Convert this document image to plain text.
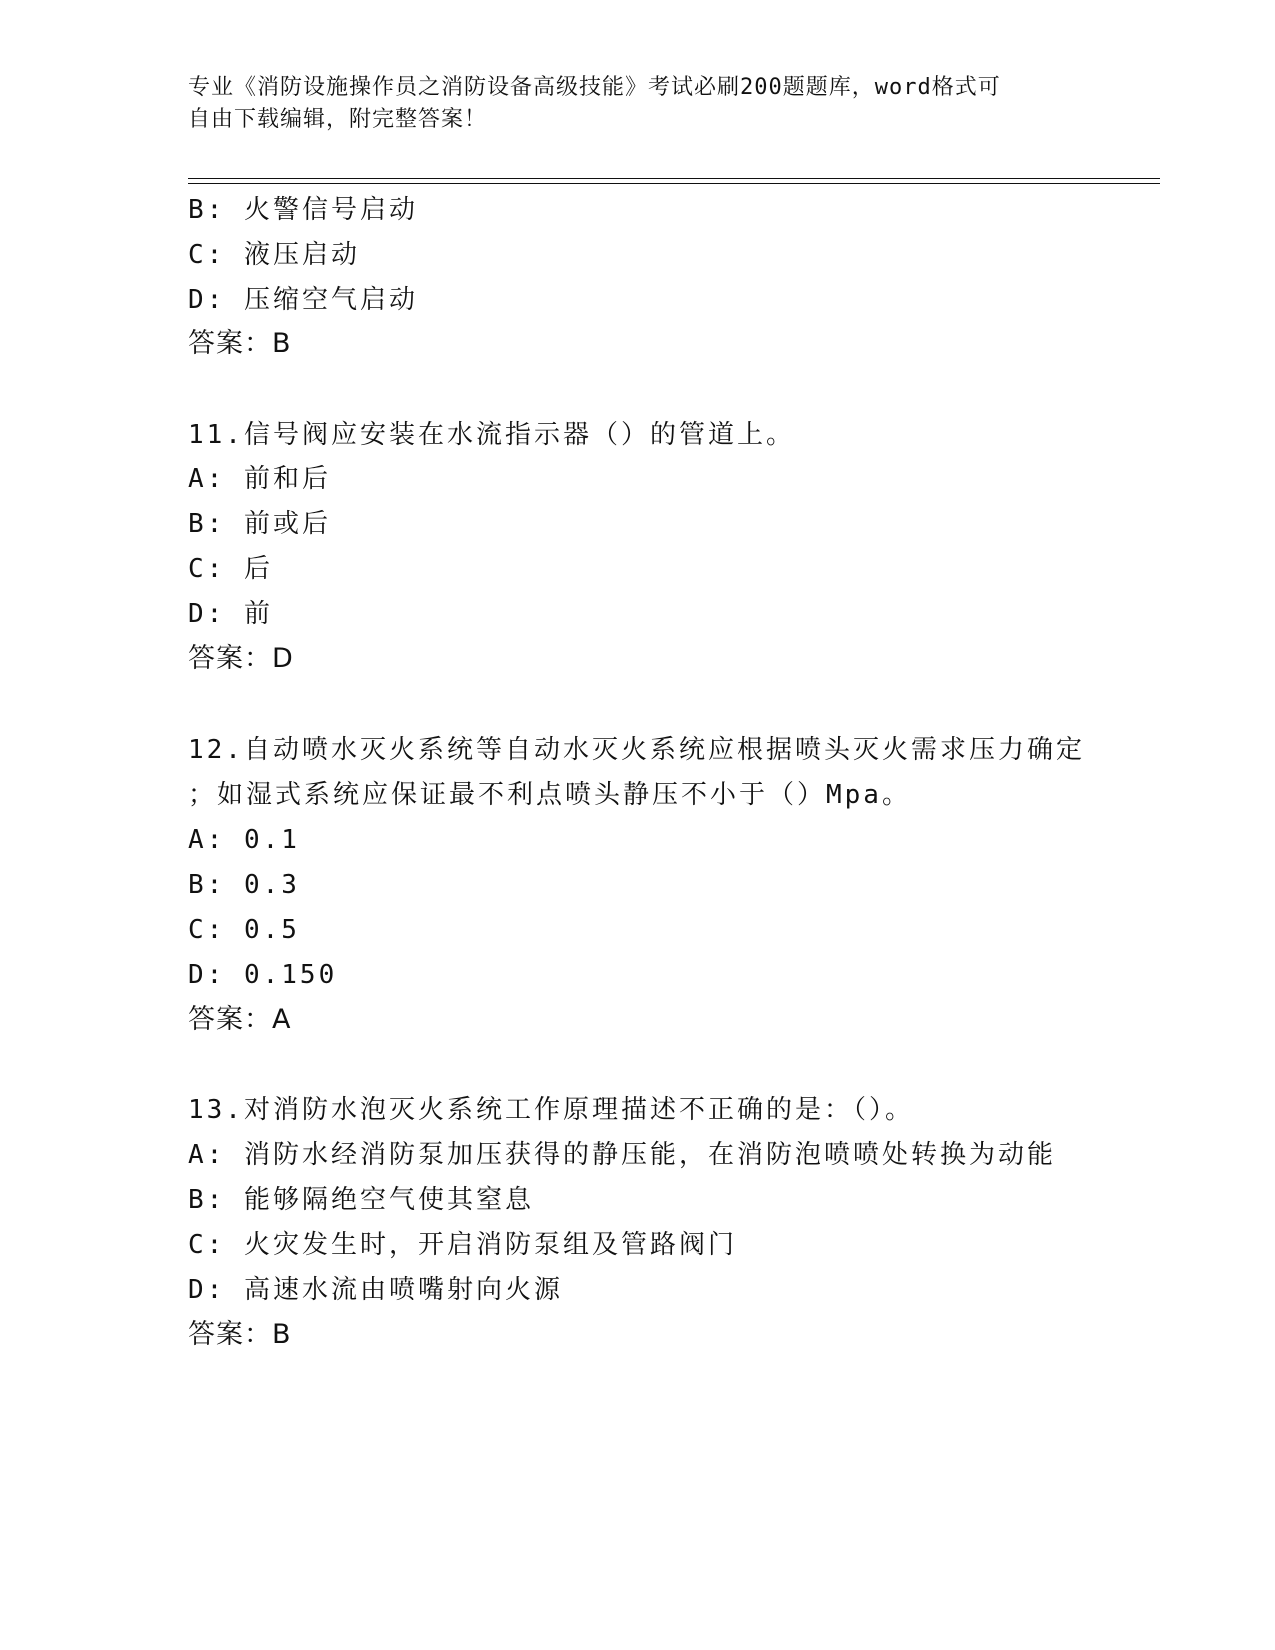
专业《消防设施操作员之消防设备高级技能》考试必刷200题题库，word格式可
自由下载编辑，附完整答案！
B: 火警信号启动
C: 液压启动
D: 压缩空气启动
答案：B
11.信号阀应安装在水流指示器（）的管道上。
A: 前和后
B: 前或后
C: 后
D: 前
答案：D
12.自动喷水灭火系统等自动水灭火系统应根据喷头灭火需求压力确定
；如湿式系统应保证最不利点喷头静压不小于（）Mpa。
A: 0.1
B: 0.3
C: 0.5
D: 0.150
答案：A
13.对消防水泡灭火系统工作原理描述不正确的是：（）。
A: 消防水经消防泵加压获得的静压能，在消防泡喷喷处转换为动能
B: 能够隔绝空气使其窒息
C: 火灾发生时，开启消防泵组及管路阀门
D: 高速水流由喷嘴射向火源
答案：B
